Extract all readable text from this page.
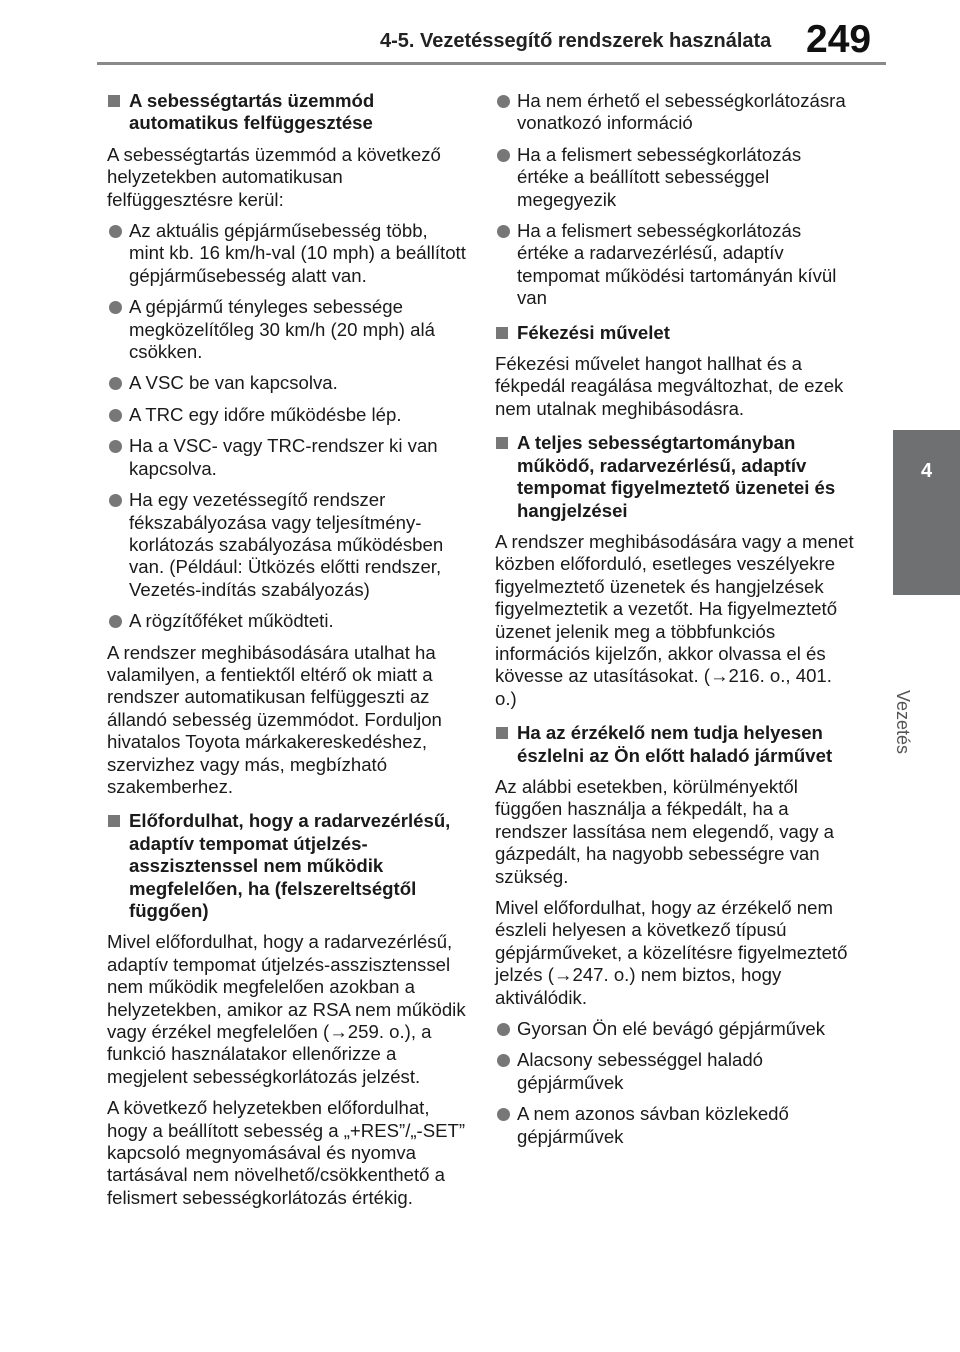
4-5. Vezetéssegítő rendszerek használata 249
4
Vezetés
A sebességtartás üzemmód automatikus felfüggesztése
A sebességtartás üzemmód a következő helyzetekben automatikusan felfüggesztésre kerül:
Az aktuális gépjárműsebesség több, mint kb. 16 km/h-val (10 mph) a beállított gépjárműsebesség alatt van.
A gépjármű tényleges sebessége megközelítőleg 30 km/h (20 mph) alá csökken.
A VSC be van kapcsolva.
A TRC egy időre működésbe lép.
Ha a VSC- vagy TRC-rendszer ki van kapcsolva.
Ha egy vezetéssegítő rendszer fékszabályozása vagy teljesítmény-korlátozás szabályozása működésben van. (Például: Ütközés előtti rendszer, Vezetés-indítás szabályozás)
A rögzítőféket működteti.
A rendszer meghibásodására utalhat ha valamilyen, a fentiektől eltérő ok miatt a rendszer automatikusan felfüggeszti az állandó sebesség üzemmódot. Forduljon hivatalos Toyota márkakereskedéshez, szervizhez vagy más, megbízható szakemberhez.
Előfordulhat, hogy a radarvezérlésű, adaptív tempomat útjelzés-asszisztenssel nem működik megfelelően, ha (felszereltségtől függően)
Mivel előfordulhat, hogy a radarvezérlésű, adaptív tempomat útjelzés-asszisztenssel nem működik megfelelően azokban a helyzetekben, amikor az RSA nem működik vagy érzékel megfelelően (→259. o.), a funkció használatakor ellenőrizze a megjelent sebességkorlátozás jelzést.
A következő helyzetekben előfordulhat, hogy a beállított sebesség a „+RES”/„-SET” kapcsoló megnyomásával és nyomva tartásával nem növelhető/csökkenthető a felismert sebességkorlátozás értékig.
Ha nem érhető el sebességkorlátozásra vonatkozó információ
Ha a felismert sebességkorlátozás értéke a beállított sebességgel megegyezik
Ha a felismert sebességkorlátozás értéke a radarvezérlésű, adaptív tempomat működési tartományán kívül van
Fékezési művelet
Fékezési művelet hangot hallhat és a fékpedál reagálása megváltozhat, de ezek nem utalnak meghibásodásra.
A teljes sebességtartományban működő, radarvezérlésű, adaptív tempomat figyelmeztető üzenetei és hangjelzései
A rendszer meghibásodására vagy a menet közben előforduló, esetleges veszélyekre figyelmeztető üzenetek és hangjelzések figyelmeztetik a vezetőt. Ha figyelmeztető üzenet jelenik meg a többfunkciós információs kijelzőn, akkor olvassa el és kövesse az utasításokat. (→216. o., 401. o.)
Ha az érzékelő nem tudja helyesen észlelni az Ön előtt haladó járművet
Az alábbi esetekben, körülményektől függően használja a fékpedált, ha a rendszer lassítása nem elegendő, vagy a gázpedált, ha nagyobb sebességre van szükség.
Mivel előfordulhat, hogy az érzékelő nem észleli helyesen a következő típusú gépjárműveket, a közelítésre figyelmeztető jelzés (→247. o.) nem biztos, hogy aktiválódik.
Gyorsan Ön elé bevágó gépjárművek
Alacsony sebességgel haladó gépjárművek
A nem azonos sávban közlekedő gépjárművek
